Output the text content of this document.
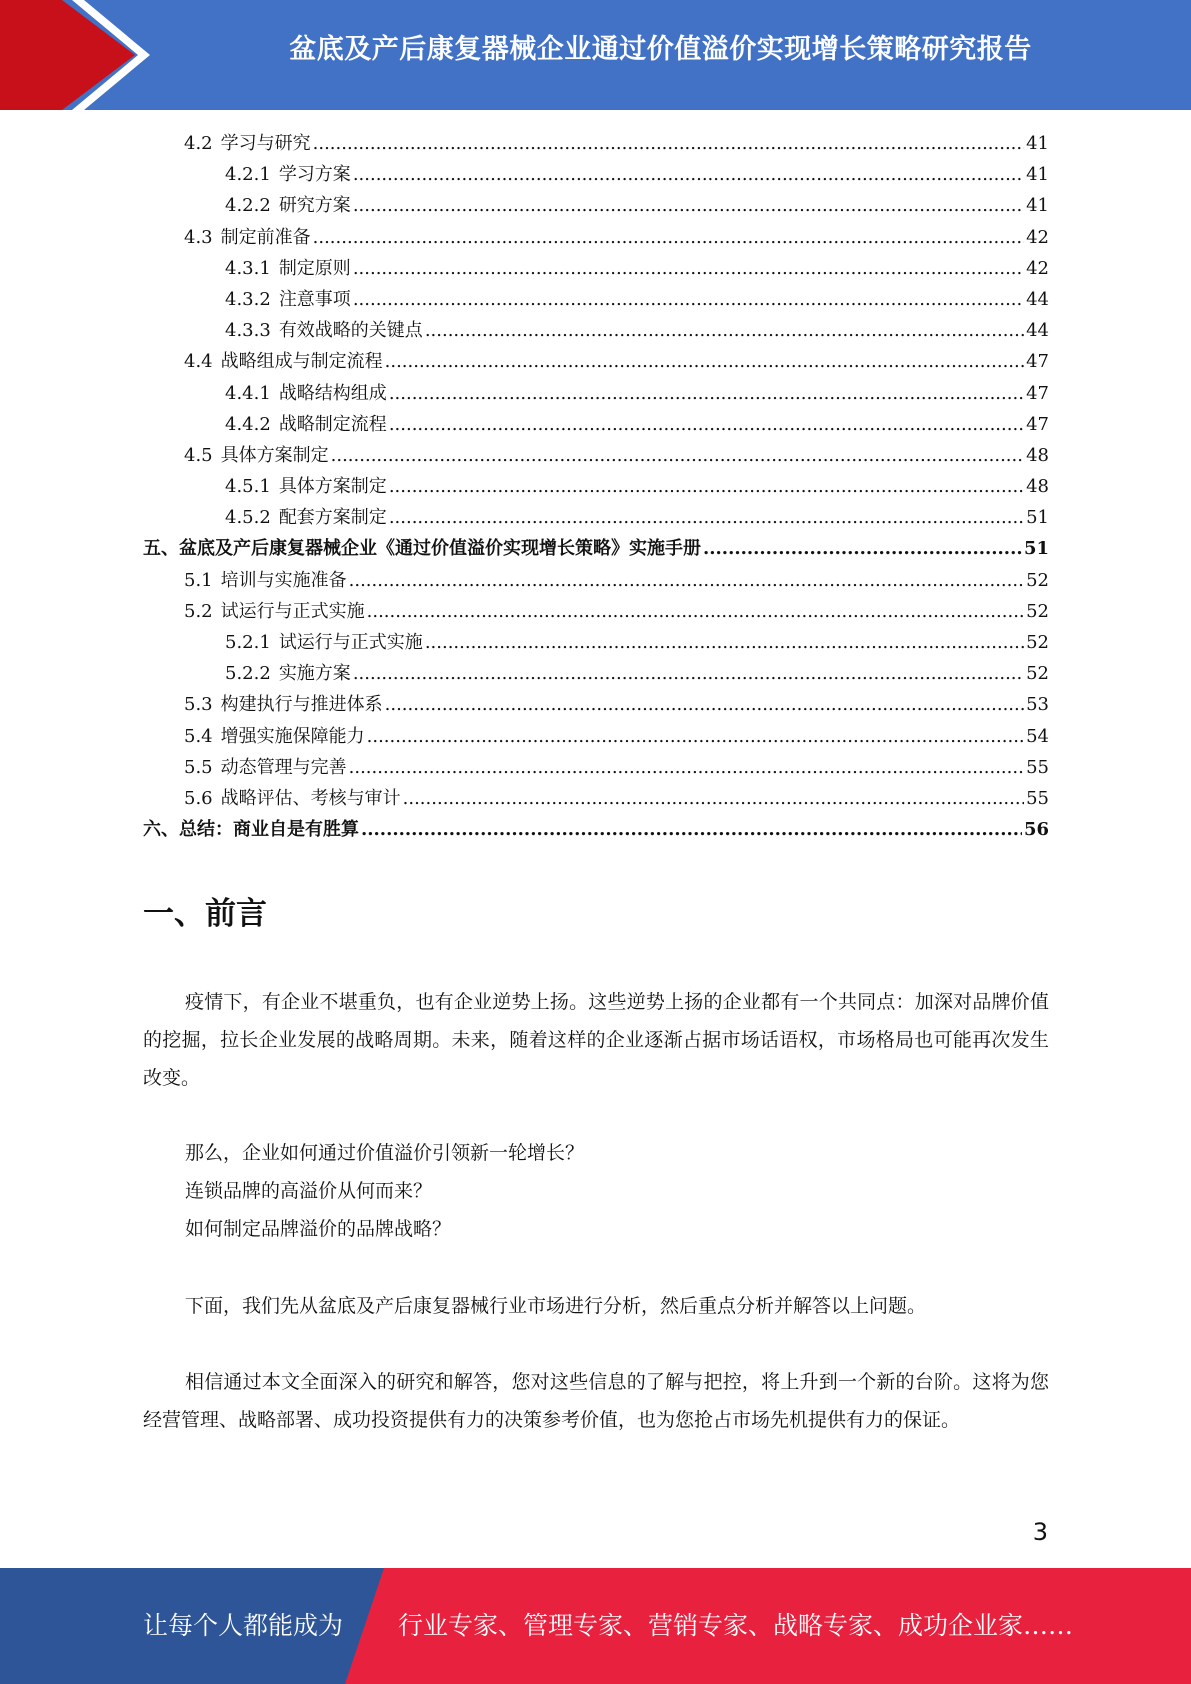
盆底及产后康复器械企业通过价值溢价实现增长策略研究报告
4.2 学习与研究 .....	41
4.2.1 学习方案 .....	41
4.2.2 研究方案 .....	41
4.3 制定前准备 .....	42
4.3.1 制定原则 .....	42
4.3.2 注意事项 .....	44
4.3.3 有效战略的关键点 .....	44
4.4 战略组成与制定流程 .....	47
4.4.1 战略结构组成 .....	47
4.4.2 战略制定流程 .....	47
4.5 具体方案制定 .....	48
4.5.1 具体方案制定 .....	48
4.5.2 配套方案制定 .....	51
五、 盆底及产后康复器械企业《通过价值溢价实现增长策略》实施手册 .....	51
5.1 培训与实施准备 .....	52
5.2 试运行与正式实施 .....	52
5.2.1 试运行与正式实施 .....	52
5.2.2 实施方案 .....	52
5.3 构建执行与推进体系 .....	53
5.4 增强实施保障能力 .....	54
5.5 动态管理与完善 .....	55
5.6 战略评估、考核与审计 .....	55
六、 总结：商业自是有胜算 .....	56
一、前言
疫情下，有企业不堪重负，也有企业逆势上扬。这些逆势上扬的企业都有一个共同点：加深对品牌价值的挖掘，拉长企业发展的战略周期。未来，随着这样的企业逐渐占据市场话语权，市场格局也可能再次发生改变。
那么，企业如何通过价值溢价引领新一轮增长？
连锁品牌的高溢价从何而来？
如何制定品牌溢价的品牌战略？
下面，我们先从盆底及产后康复器械行业市场进行分析，然后重点分析并解答以上问题。
相信通过本文全面深入的研究和解答，您对这些信息的了解与把控，将上升到一个新的台阶。这将为您经营管理、战略部署、成功投资提供有力的决策参考价值，也为您抢占市场先机提供有力的保证。
3
让每个人都能成为 行业专家、管理专家、营销专家、战略专家、成功企业家……
